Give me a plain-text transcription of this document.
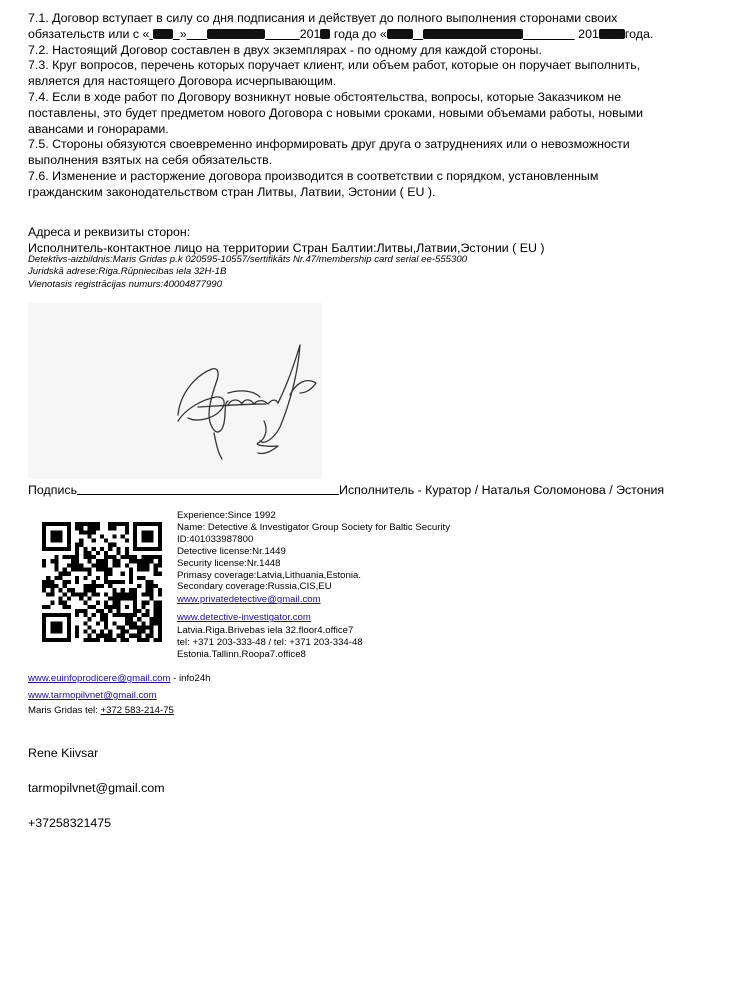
7.1. Договор вступает в силу со дня подписания и действует до полного выполнения сторонами своих

обязательств или с « »	201 года до «	201 года.

7.2. Настоящий Договор составлен в двух экземплярах - по одному для каждой стороны.

7.3. Круг вопросов, перечень которых поручает клиент, или объем работ, которые он поручает выполнить,

является для настоящего Договора исчерпывающим.

7.4. Если в ходе работ по Договору возникнут новые обстоятельства, вопросы, которые Заказчиком не

поставлены, это будет предметом нового Договора с новыми сроками, новыми объемами работы, новыми

авансами и гонорарами.

7.5. Стороны обязуются своевременно информировать друг друга о затруднениях или о невозможности

выполнения взятых на себя обязательств.

7.6. Изменение и расторжение договора производится в соответствии с порядком, установленным

гражданским законодательством стран Литвы, Латвии, Эстонии ( EU ).

Адреса и реквизиты сторон:

Исполнитель-контактное лицо на территории Стран Балтии:Литвы,Латвии,Эстонии ( EU )

Detektīvs-aizbildnis:Maris Gridas p.k 020595-10557/sertifikāts Nr.47/membership card serial ee-555300

Juridskā adrese:Riga.Rūpniecibas iela 32H-1B

Vienotasis registrācijas numurs:40004877990

Подпись	Исполнитель - Куратор / Наталья Соломонова / Эстония

Experience:Since 1992

Name: Detective & Investigator Group Society for Baltic Security

ID:401033987800

Detective license:Nr.1449

Security license:Nr.1448

Primasy coverage:Latvia,Lithuania,Estonia.

Secondary coverage:Russia,CIS,EU

www.privatedetective@gmail.com

www.detective-investigator.com

Latvia.Riga.Brivebas iela 32.floor4.office7

tel: +371 203-333-48 / tel: +371 203-334-48

Estonia.Tallinn.Roopa7.office8

www.euinfoprodicere@gmail.com - info24h

www.tarmopilvnet@gmail.com

Maris Gridas tel: +372 583-214-75

Rene Kiivsar
tarmopilvnet@gmail.com
+37258321475
